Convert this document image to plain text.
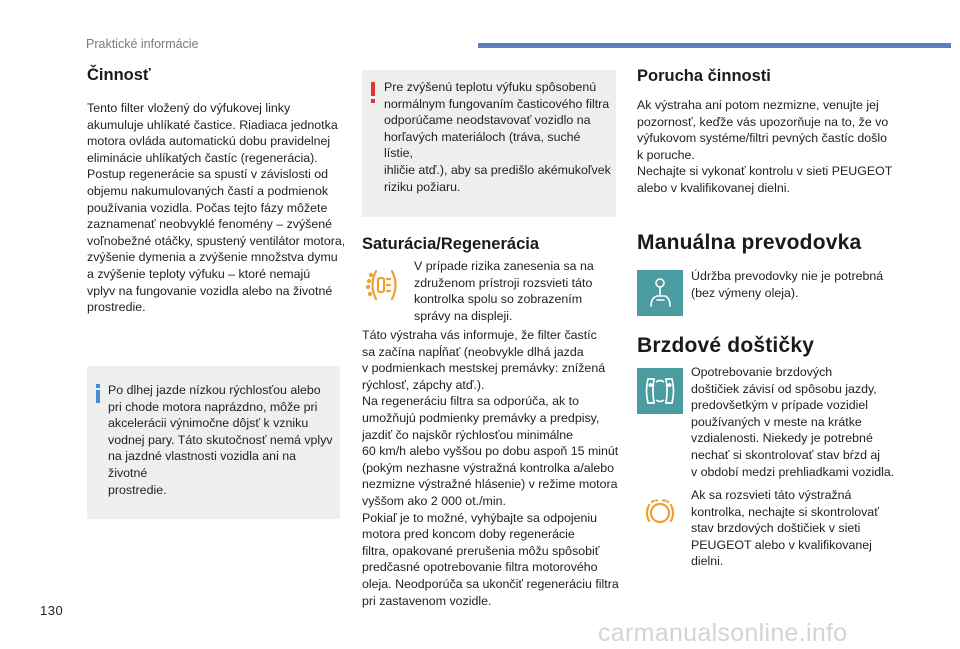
Praktické informácie
Činnosť

Tento filter vložený do výfukovej linky
akumuluje uhlíkaté častice. Riadiaca jednotka
motora ovláda automatickú dobu pravidelnej
eliminácie uhlíkatých častíc (regenerácia).
Postup regenerácie sa spustí v závislosti od
objemu nakumulovaných častí a podmienok
používania vozidla. Počas tejto fázy môžete
zaznamenať neobvyklé fenomény – zvýšené
voľnobežné otáčky, spustený ventilátor motora,
zvýšenie dymenia a zvýšenie množstva dymu
a zvýšenie teploty výfuku – ktoré nemajú
vplyv na fungovanie vozidla alebo na životné
prostredie.

Po dlhej jazde nízkou rýchlosťou alebo
pri chode motora naprázdno, môže pri
akcelerácii výnimočne dôjsť k vzniku
vodnej pary. Táto skutočnosť nemá vplyv
na jazdné vlastnosti vozidla ani na životné
prostredie.

Pre zvýšenú teplotu výfuku spôsobenú
normálnym fungovaním časticového filtra
odporúčame neodstavovať vozidlo na
horľavých materiáloch (tráva, suché lístie,
ihličie atď.), aby sa predišlo akémukoľvek
riziku požiaru.

Saturácia/Regenerácia

V prípade rizika zanesenia sa na
združenom prístroji rozsvieti táto
kontrolka spolu so zobrazením
správy na displeji.

Táto výstraha vás informuje, že filter častíc
sa začína napĺňať (neobvykle dlhá jazda
v podmienkach mestskej premávky: znížená
rýchlosť, zápchy atď.).
Na regeneráciu filtra sa odporúča, ak to
umožňujú podmienky premávky a predpisy,
jazdiť čo najskôr rýchlosťou minimálne
60 km/h alebo vyššou po dobu aspoň 15 minút
(pokým nezhasne výstražná kontrolka a/alebo
nezmizne výstražné hlásenie) v režime motora
vyššom ako 2 000 ot./min.
Pokiaľ je to možné, vyhýbajte sa odpojeniu
motora pred koncom doby regenerácie
filtra, opakované prerušenia môžu spôsobiť
predčasné opotrebovanie filtra motorového
oleja. Neodporúča sa ukončiť regeneráciu filtra
pri zastavenom vozidle.

Porucha činnosti

Ak výstraha ani potom nezmizne, venujte jej
pozornosť, keďže vás upozorňuje na to, že vo
výfukovom systéme/filtri pevných častíc došlo
k poruche.
Nechajte si vykonať kontrolu v sieti PEUGEOT
alebo v kvalifikovanej dielni.

Manuálna prevodovka

Údržba prevodovky nie je potrebná
(bez výmeny oleja).

Brzdové doštičky

Opotrebovanie brzdových
doštičiek závisí od spôsobu jazdy,
predovšetkým v prípade vozidiel
používaných v meste na krátke
vzdialenosti. Niekedy je potrebné
nechať si skontrolovať stav bŕzd aj
v období medzi prehliadkami vozidla.

Ak sa rozsvieti táto výstražná
kontrolka, nechajte si skontrolovať
stav brzdových doštičiek v sieti
PEUGEOT alebo v kvalifikovanej
dielni.

130
carmanualsonline.info
